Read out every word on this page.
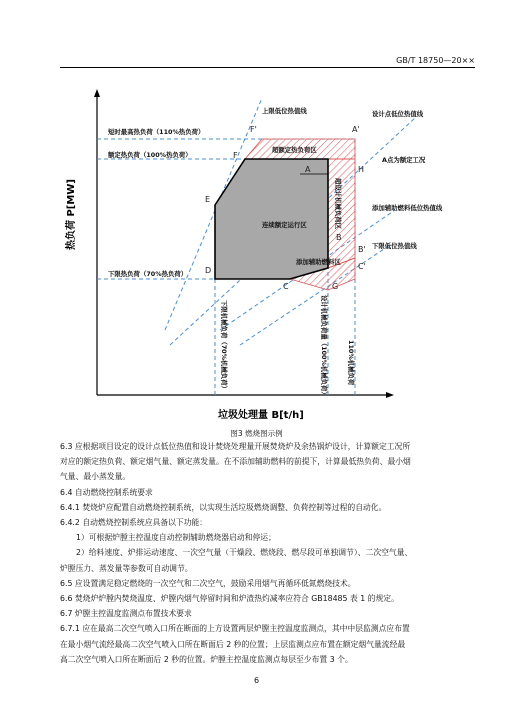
GB/T 18750—20××
F'	A'
F
A	H
E
B
B'
D
C	G
C'
短时最高热负荷（110%热负荷）
额定热负荷（100%热负荷）
下限热负荷（70%热负荷）
上限低位热值线	设计点低位热值线
添加辅助燃料低位热值线
下限低位热值线
A点为额定工况
超额定热负荷区
连续额定运行区
添加辅助燃料区
超设计机械负荷区
下限机械负荷（70%机械负荷）	设计机械负荷量（100%机械负荷）	110%机械负荷
热负荷 P[MW]
垃圾处理量 B[t/h]
图3 燃烧图示例
6.3 应根据项目设定的设计点低位热值和设计焚烧处理量开展焚烧炉及余热锅炉设计，计算额定工况所
对应的额定热负荷、额定烟气量、额定蒸发量。在不添加辅助燃料的前提下，计算最低热负荷、最小烟
气量、最小蒸发量。
6.4 自动燃烧控制系统要求
6.4.1 焚烧炉应配置自动燃烧控制系统，以实现生活垃圾燃烧调整、负荷控制等过程的自动化。
6.4.2 自动燃烧控制系统应具备以下功能：
1）可根据炉膛主控温度自动控制辅助燃烧器启动和停运；
2）给料速度、炉排运动速度、一次空气量（干燥段、燃烧段、燃尽段可单独调节）、二次空气量、
炉膛压力、蒸发量等参数可自动调节。
6.5 应设置满足稳定燃烧的一次空气和二次空气，鼓励采用烟气再循环低氮燃烧技术。
6.6 焚烧炉炉膛内焚烧温度、炉膛内烟气停留时间和炉渣热灼减率应符合 GB18485 表 1 的规定。
6.7 炉膛主控温度监测点布置技术要求
6.7.1 应在最高二次空气喷入口所在断面的上方设置两层炉膛主控温度监测点，其中中层监测点应布置
在最小烟气流经最高二次空气喷入口所在断面后 2 秒的位置；上层监测点应布置在额定烟气量流经最
高二次空气喷入口所在断面后 2 秒的位置。炉膛主控温度监测点每层至少布置 3 个。
6
